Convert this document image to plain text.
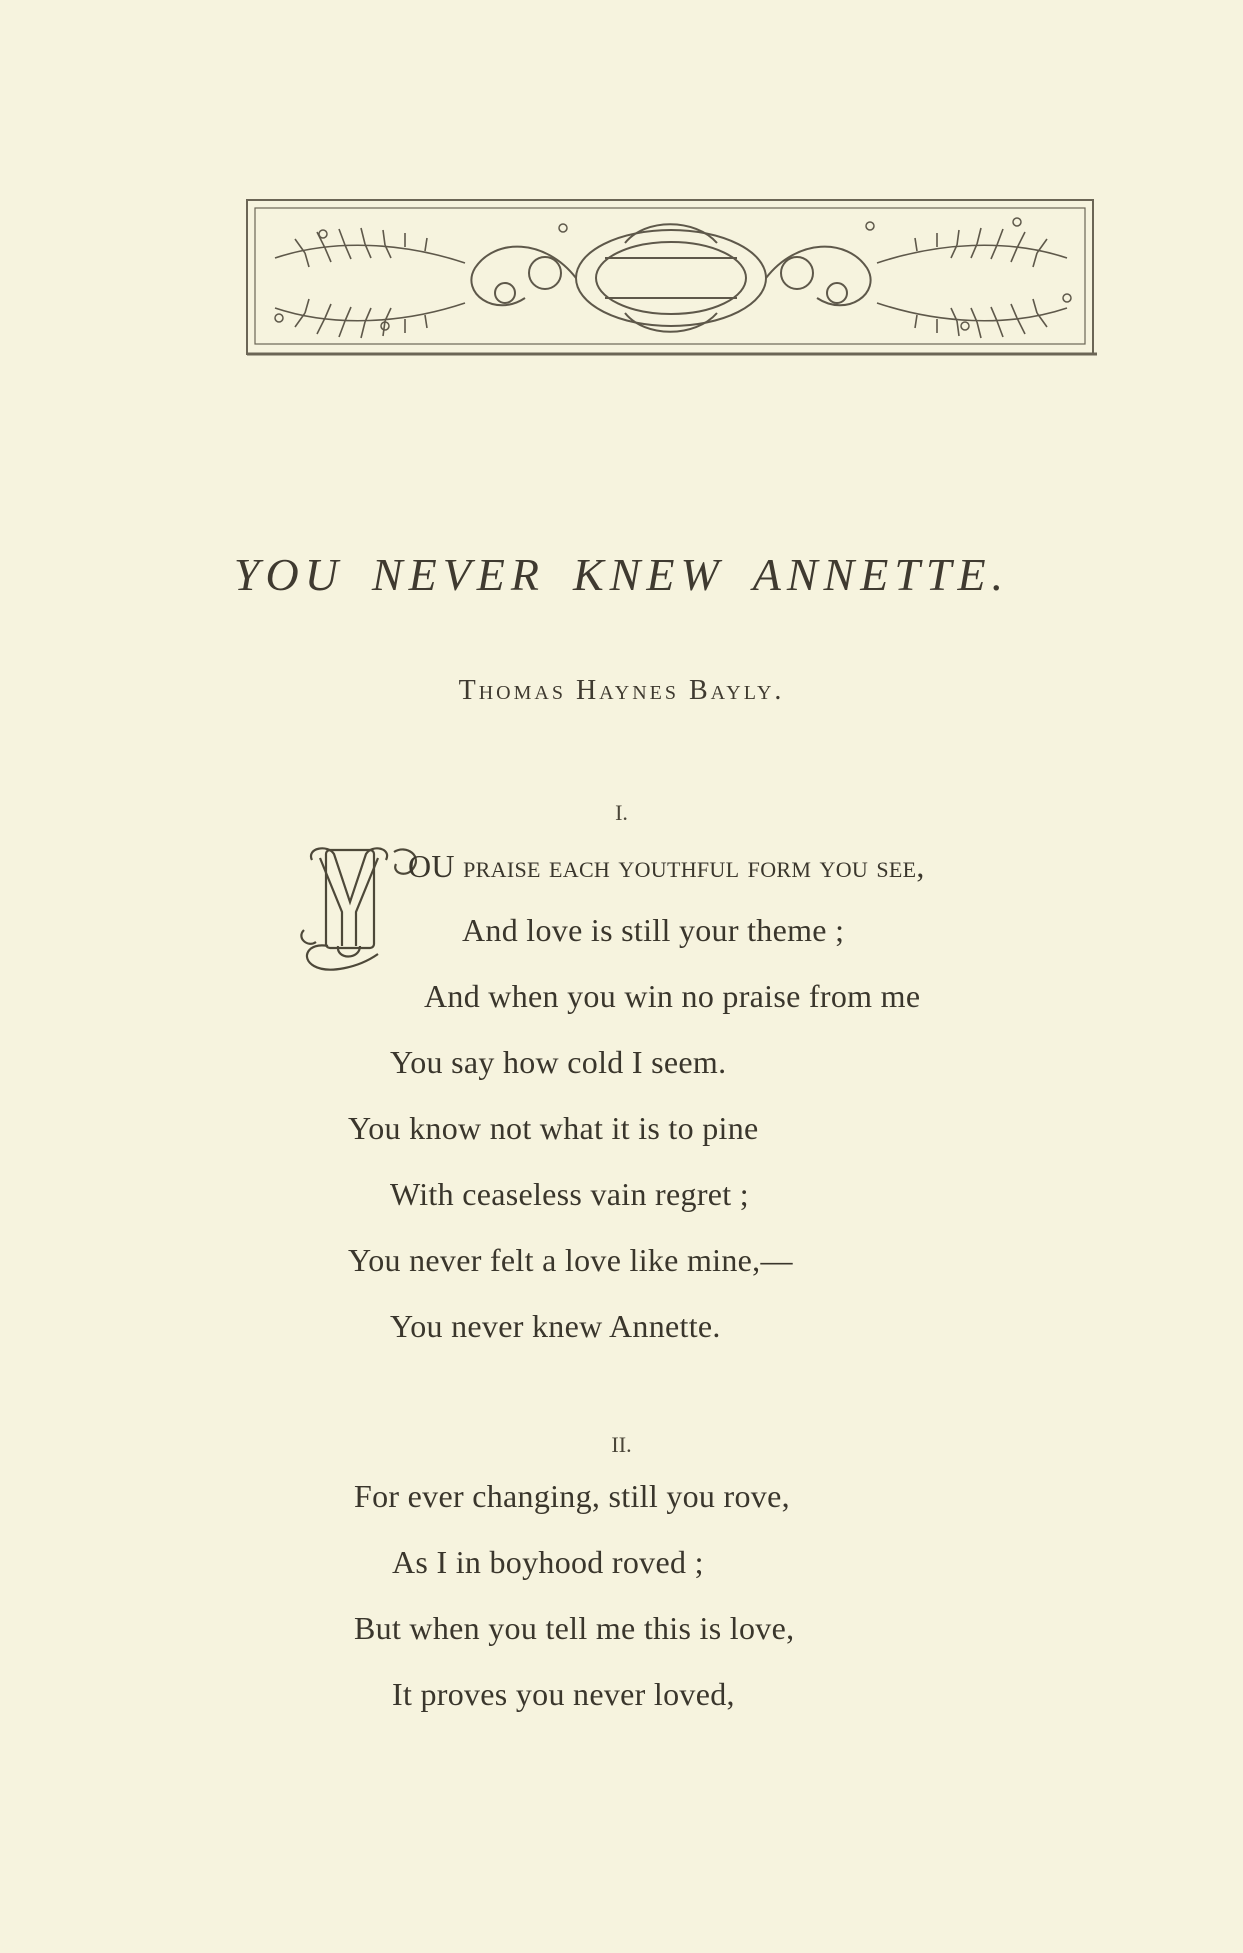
YOU NEVER KNEW ANNETTE.
Thomas Haynes Bayly.
I.
OU praise each youthful form you see,
And love is still your theme ;
And when you win no praise from me
You say how cold I seem.
You know not what it is to pine
With ceaseless vain regret ;
You never felt a love like mine,—
You never knew Annette.
II.
For ever changing, still you rove,
As I in boyhood roved ;
But when you tell me this is love,
It proves you never loved,
